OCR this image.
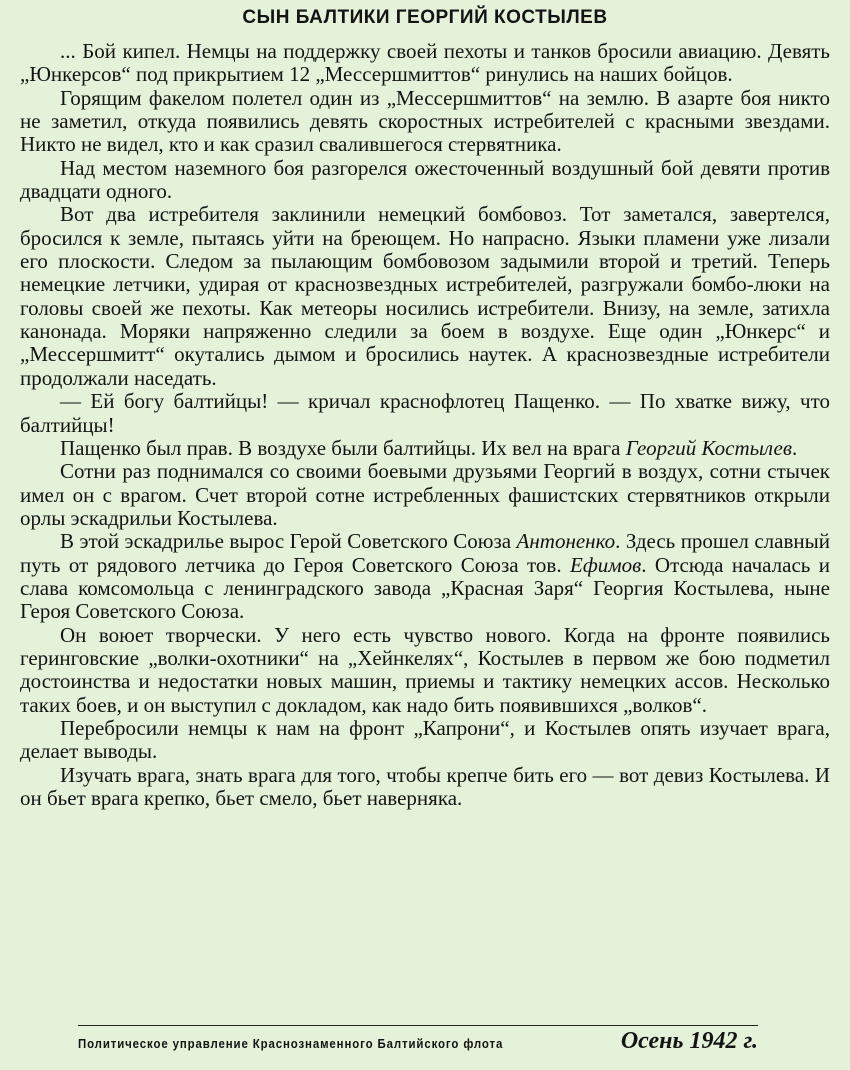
СЫН БАЛТИКИ ГЕОРГИЙ КОСТЫЛЕВ

... Бой кипел. Немцы на поддержку своей пехоты и танков бросили авиацию. Девять „Юнкерсов“ под прикрытием 12 „Мессершмиттов“ ринулись на наших бойцов.

Горящим факелом полетел один из „Мессершмиттов“ на землю. В азарте боя никто не заметил, откуда появились девять скоростных истребителей с красными звездами. Никто не видел, кто и как сразил свалившегося стервятника.

Над местом наземного боя разгорелся ожесточенный воздушный бой девяти против двадцати одного.

Вот два истребителя заклинили немецкий бомбовоз. Тот заметался, завертелся, бросился к земле, пытаясь уйти на бреющем. Но напрасно. Языки пламени уже лизали его плоскости. Следом за пылающим бомбовозом задымили второй и третий. Теперь немецкие летчики, удирая от краснозвездных истребителей, разгружали бомбо-люки на головы своей же пехоты. Как метеоры носились истребители. Внизу, на земле, затихла канонада. Моряки напряженно следили за боем в воздухе. Еще один „Юнкерс“ и „Мессершмитт“ окутались дымом и бросились наутек. А краснозвездные истребители продолжали наседать.

— Ей богу балтийцы! — кричал краснофлотец Пащенко. — По хватке вижу, что балтийцы!

Пащенко был прав. В воздухе были балтийцы. Их вел на врага Георгий Костылев.

Сотни раз поднимался со своими боевыми друзьями Георгий в воздух, сотни стычек имел он с врагом. Счет второй сотне истребленных фашистских стервятников открыли орлы эскадрильи Костылева.

В этой эскадрилье вырос Герой Советского Союза Антоненко. Здесь прошел славный путь от рядового летчика до Героя Советского Союза тов. Ефимов. Отсюда началась и слава комсомольца с ленинградского завода „Красная Заря“ Георгия Костылева, ныне Героя Советского Союза.

Он воюет творчески. У него есть чувство нового. Когда на фронте появились геринговские „волки-охотники“ на „Хейнкелях“, Костылев в первом же бою подметил достоинства и недостатки новых машин, приемы и тактику немецких ассов. Несколько таких боев, и он выступил с докладом, как надо бить появившихся „волков“.

Перебросили немцы к нам на фронт „Капрони“, и Костылев опять изучает врага, делает выводы.

Изучать врага, знать врага для того, чтобы крепче бить его — вот девиз Костылева. И он бьет врага крепко, бьет смело, бьет наверняка.

Политическое управление Краснознаменного Балтийского флота	Осень 1942 г.
